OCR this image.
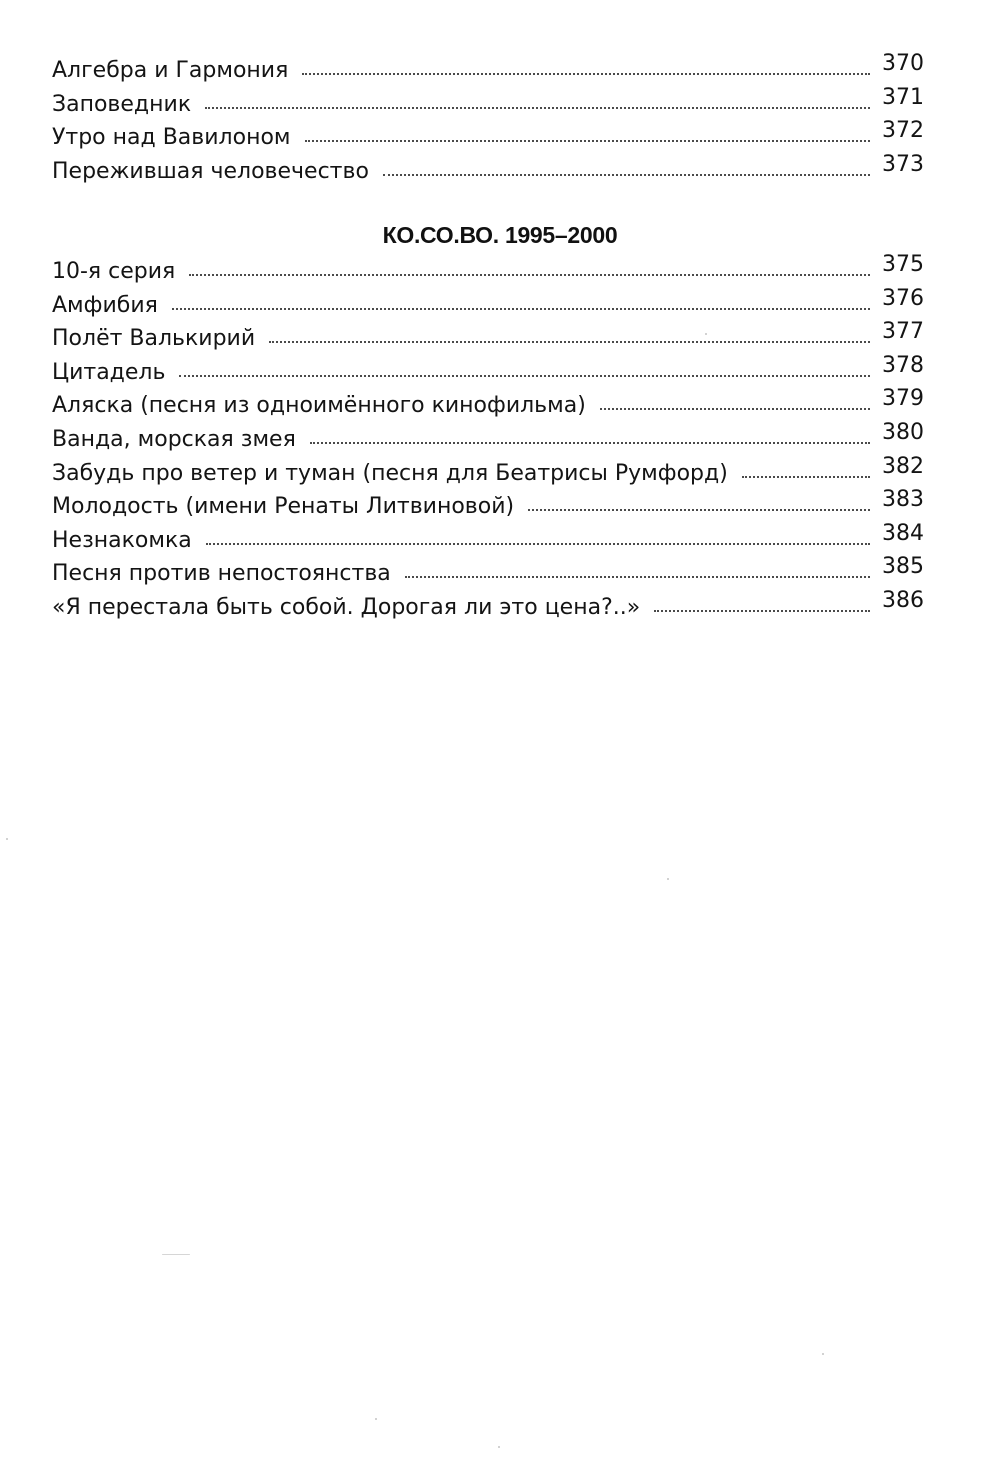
Алгебра и Гармония	370
Заповедник	371
Утро над Вавилоном	372
Пережившая человечество	373
КО.СО.ВО. 1995–2000
10-я серия	375
Амфибия	376
Полёт Валькирий	377
Цитадель	378
Аляска (песня из одноимённого кинофильма)	379
Ванда, морская змея	380
Забудь про ветер и туман (песня для Беатрисы Румфорд)	382
Молодость (имени Ренаты Литвиновой)	383
Незнакомка	384
Песня против непостоянства	385
«Я перестала быть собой. Дорогая ли это цена?..»	386
